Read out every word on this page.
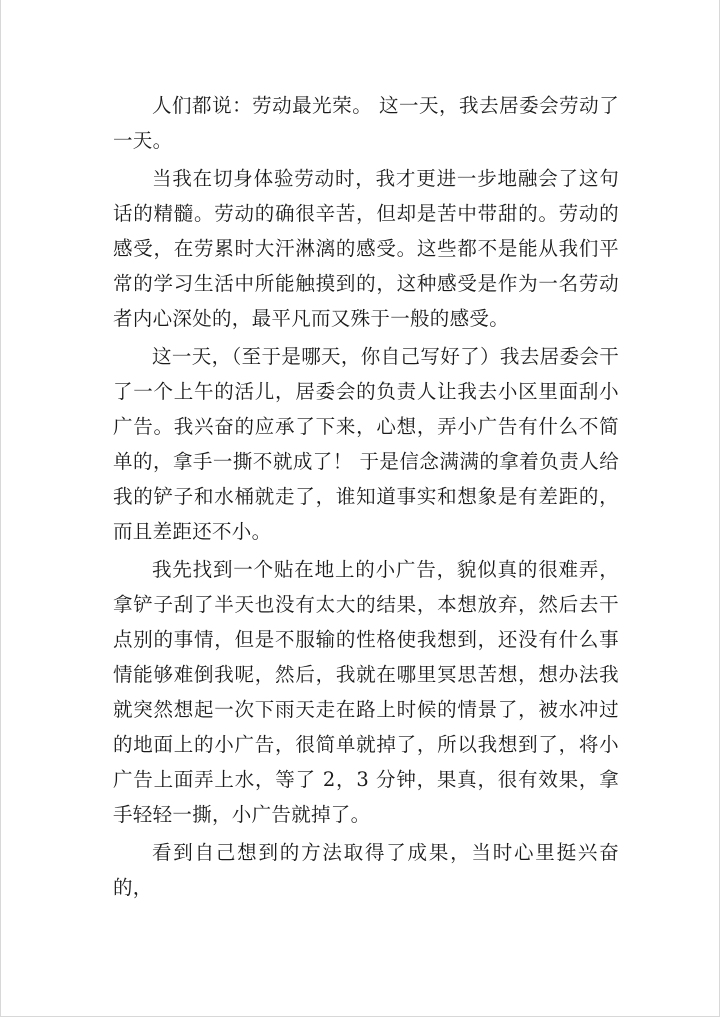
人们都说：劳动最光荣。 这一天，我去居委会劳动了一天。

当我在切身体验劳动时，我才更进一步地融会了这句话的精髓。劳动的确很辛苦，但却是苦中带甜的。劳动的感受，在劳累时大汗淋漓的感受。这些都不是能从我们平常的学习生活中所能触摸到的，这种感受是作为一名劳动者内心深处的，最平凡而又殊于一般的感受。

这一天，（至于是哪天，你自己写好了）我去居委会干了一个上午的活儿，居委会的负责人让我去小区里面刮小广告。我兴奋的应承了下来，心想，弄小广告有什么不简单的，拿手一撕不就成了！ 于是信念满满的拿着负责人给我的铲子和水桶就走了，谁知道事实和想象是有差距的，而且差距还不小。

我先找到一个贴在地上的小广告，貌似真的很难弄，拿铲子刮了半天也没有太大的结果，本想放弃，然后去干点别的事情，但是不服输的性格使我想到，还没有什么事情能够难倒我呢，然后，我就在哪里冥思苦想，想办法我就突然想起一次下雨天走在路上时候的情景了，被水冲过的地面上的小广告，很简单就掉了，所以我想到了，将小广告上面弄上水，等了 2，3 分钟，果真，很有效果，拿手轻轻一撕，小广告就掉了。

看到自己想到的方法取得了成果，当时心里挺兴奋的，
